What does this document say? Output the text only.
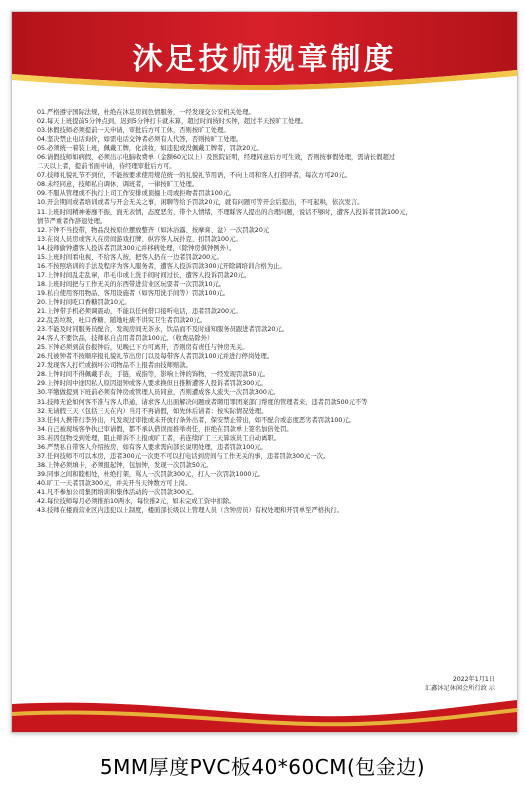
沐足技师规章制度
01.严格遵守国际法规，杜绝在沐足房间色情服务，一经发现交公安机关处理。
02.每天上班提前5分钟点到，迟到5分钟打卡就未算，超过时间按时买钟，超过半天按旷工处理。
03.休假技师必须提前一天申请，审批后方可工休，否则按旷工处理。
04.坚决禁止电话询价，如需电话交钟者必须有人代答，否则按旷工处理。
05.必须统一着装上班，佩戴工牌，化淡妆，如违犯或没佩戴工牌者，罚款20元。
06.请假技师如病假，必须出示电脑收费单（金额60元以上）及医院证明，经理同意后方可生效，否则按事假处理，需请长假超过
二天以上者，提前书面申请，待经理审批后方可。
07.技师礼貌礼节不到位，不能按要求使用规范统一的礼貌礼节用语，不向上司和客人打招呼者，每次方可20元。
08.未经同意，技师私自调休、调班者，一律按旷工处理。
09.不服从管理或不执行上司工作安排或顶撞上司或拒吻者罚款100元。
10.开会期间或者培训或者与开会无关之事，闲聊等给予罚款20元，就有问题可等开会后提出，不可起哄，依次发言。
11.上班时间精神萎靡不振，面无表情，态度恶劣，带个人情绪，不理睬客人提出的合理问题，说话不够时，遭客人投诉者罚款100元，
情节严重者作辞退处理。
12.下钟不当投带，物品没按原位摆放整齐（如沐浴露、按摩膏、盆）一次罚款20元
13.在岗人员房或客人在房间游戏打牌、纵容客人玩扑克、扣罚款100元。
14.技师偷钟遭客人投诉者罚款300元并移病处理，（除钟房俱钟例外）。
15.上班时间看电视、不给客人按，把客人扔在一边者罚款200元。
16.不按照培训的手法及程序为客人服务者，遭客人投诉罚款300元开除调培训合格为止。
17.上钟时间乱走乱窜，串毛巾或上洗手间时间过长，遭客人投诉罚款20元。
18.上班时间把与工作无关的东西带进营业区玩耍者一次罚款10元。
19.私自使用客用物品、客用设施者（如客用洗手间等）罚款100元。
20.上钟时间吃口香糖罚款10元。
21.上钟带手机必须调震动，不能以任何借口接听电话，违者罚款200元。
22.乱丢垃圾，吐口香糖、随地吐痰不讲究卫生者罚款20元。
23.不能及时同服务员配合，发现房间无茶水，饮品而不及时通知服务员跟进者罚款20元。
24.客人不要饮品，技师私自点用者罚款100元。（收费品除外）
25.下钟必须到前台报钟后，见晚已下方可离开，否则房有责任与钟房无关。
26.凡被钟者不按顺序报礼貌礼节出房门以及每带客人者罚款100元并进行停岗处理。
27.发现客人打烂或损坏公司物品不上报者由技师赔款。
28.上钟时间不得佩戴手表，手链，戒指等，影响上钟的饰物，一经发现罚款50元。
29.上钟时间中途因私人原因退钟或客人要求换但日推断遭客人投诉者罚款300元。
30.平缴做提到下班前必须有钟房或管理人员同意，否则遭成客人流失一次罚款300元。
31.技师无论如何客不准与客人串通，请求客人出面解决问题或者聘用罪团案部门帮度的管理者来，违者罚款500元不等
32.无请假三天（包括三天在内）当月不再请假，如先休后请者：按实际情况处理。
33.任何人携带行李外出，凡发现过审批或未开放行条外出者，保安禁止带出，如不配合或态度恶劣者罚款100元。
34.自己被现场客争执已审请假，都不承认借误而推举责任，拒绝在罚款单上签名加倍处罚。
35.若因包物受到处理，阻止辩诉不上报或旷工者，若连续旷工三天算该员工自动离职。
36.严禁私自带客人介绍按房，如有客人要求需向部长说明处理，违者罚款100元。
37.任何技师不可以本房，违者300元一次更不可以打电话到房间与工作无关的事，违者罚款300元一次。
38.上钟必须填卡，必须报起钟，包加钟，发现一次罚款50元。
39.同事之间和睦相处，杜绝打架，骂人一次罚款300元，打人一次罚款1000元。
40.旷工一天者罚款300元，并关开当天钟数方可上岗。
41.凡不参加公司集团培训和集体活动的一次罚款300元。
42.每位技师每月必须推拍10两水，每位推2元，如未完成工资中扣除。
43.技师在楼面营业区内违犯以上制度，楼面部长级以上管理人员（含钟房员）有权处理和开罚单至严格执行。
2022年1月1日
汇鑫沐足休闲会所行政 示
5MM厚度PVC板40*60CM(包金边)
